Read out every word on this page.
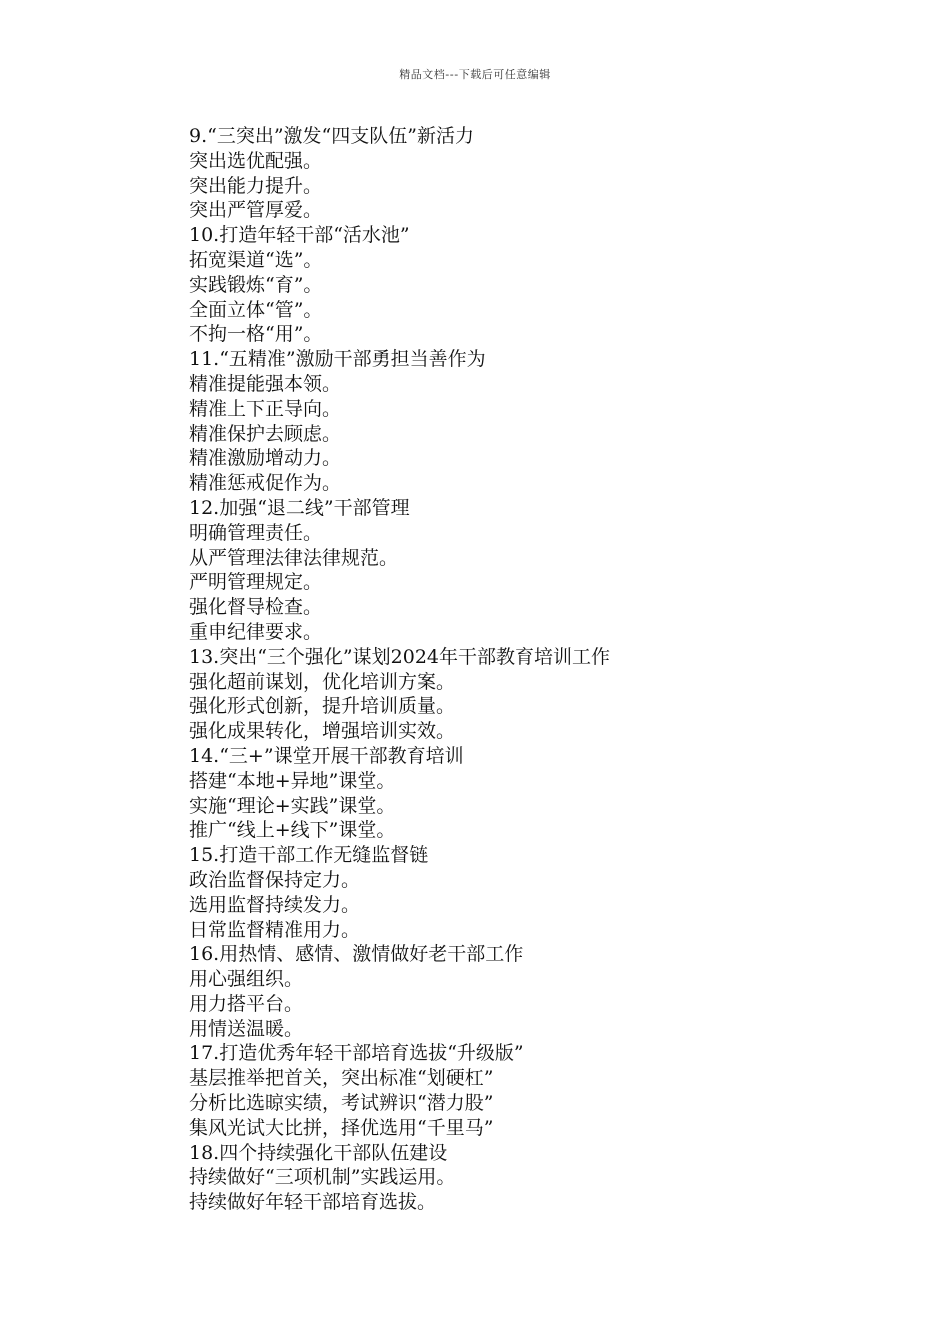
精品文档---下载后可任意编辑
9.“三突出”激发“四支队伍”新活力
突出选优配强。
突出能力提升。
突出严管厚爱。
10.打造年轻干部“活水池”
拓宽渠道“选”。
实践锻炼“育”。
全面立体“管”。
不拘一格“用”。
11.“五精准”激励干部勇担当善作为
精准提能强本领。
精准上下正导向。
精准保护去顾虑。
精准激励增动力。
精准惩戒促作为。
12.加强“退二线”干部管理
明确管理责任。
从严管理法律法律规范。
严明管理规定。
强化督导检查。
重申纪律要求。
13.突出“三个强化”谋划2024年干部教育培训工作
强化超前谋划，优化培训方案。
强化形式创新，提升培训质量。
强化成果转化，增强培训实效。
14.“三+”课堂开展干部教育培训
搭建“本地+异地”课堂。
实施“理论+实践”课堂。
推广“线上+线下”课堂。
15.打造干部工作无缝监督链
政治监督保持定力。
选用监督持续发力。
日常监督精准用力。
16.用热情、感情、激情做好老干部工作
用心强组织。
用力搭平台。
用情送温暖。
17.打造优秀年轻干部培育选拔“升级版”
基层推举把首关，突出标准“划硬杠”
分析比选晾实绩，考试辨识“潜力股”
集风光试大比拼，择优选用“千里马”
18.四个持续强化干部队伍建设
持续做好“三项机制”实践运用。
持续做好年轻干部培育选拔。
